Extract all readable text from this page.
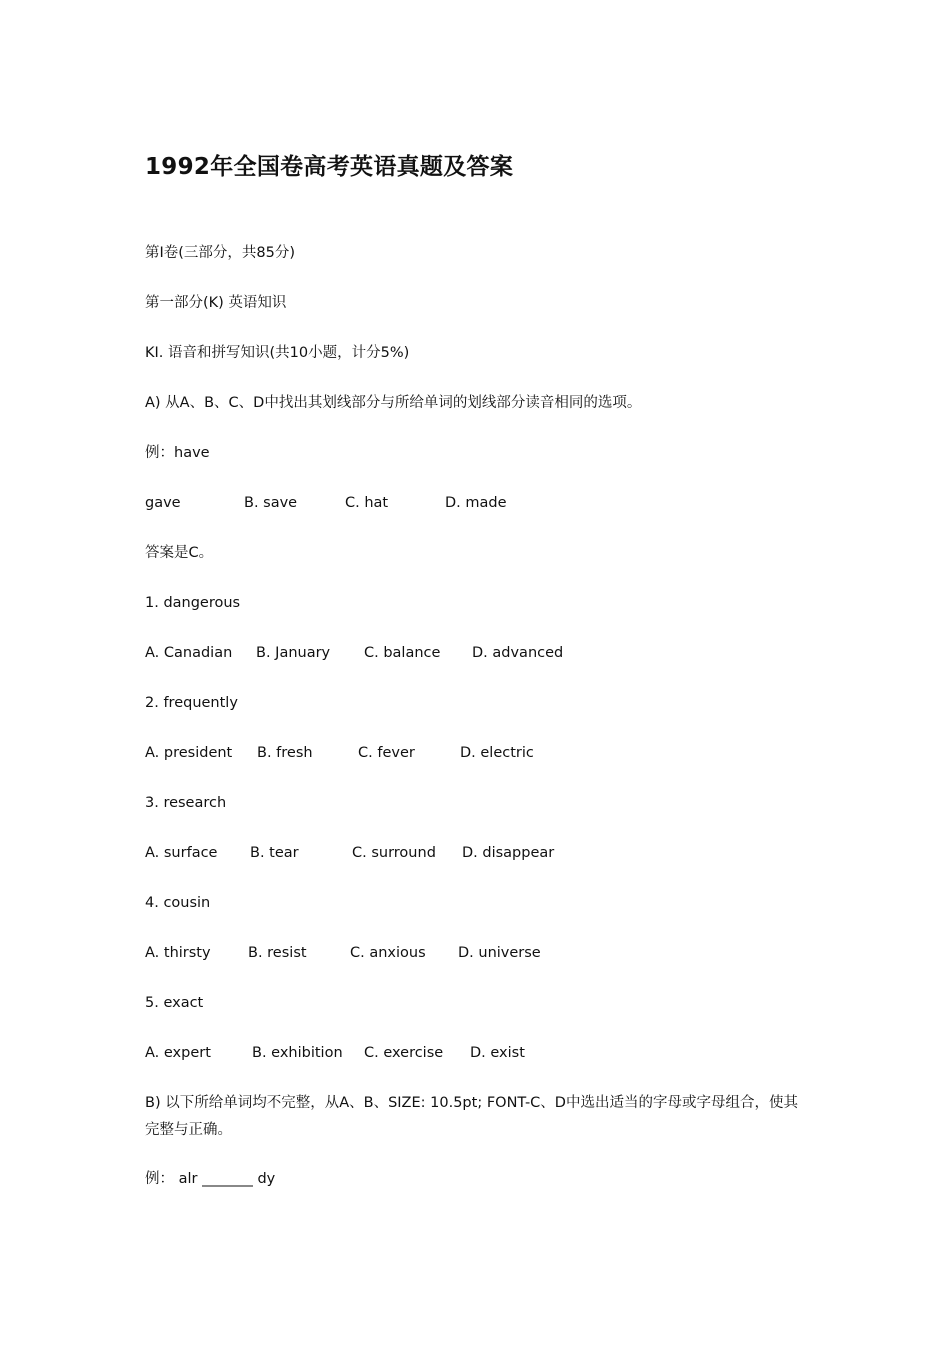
1992年全国卷高考英语真题及答案
第Ⅰ卷(三部分，共85分)
第一部分(K) 英语知识
KI. 语音和拼写知识(共10小题，计分5%)
A) 从A、B、C、D中找出其划线部分与所给单词的划线部分读音相同的选项。
例：have
gave	B. save	C. hat	D. made
答案是C。
1. dangerous
A. Canadian B. January C. balance D. advanced
2. frequently
A. president B. fresh	C. fever	D. electric
3. research
A. surface B. tear	C. surround D. disappear
4. cousin
A. thirsty	B. resist	C. anxious D. universe
5. exact
A. expert	B. exhibition C. exercise D. exist
B) 以下所给单词均不完整，从A、B、SIZE: 10.5pt; FONT-C、D中选出适当的字母或字母组合，使其完整与正确。
例： alr _______ dy
